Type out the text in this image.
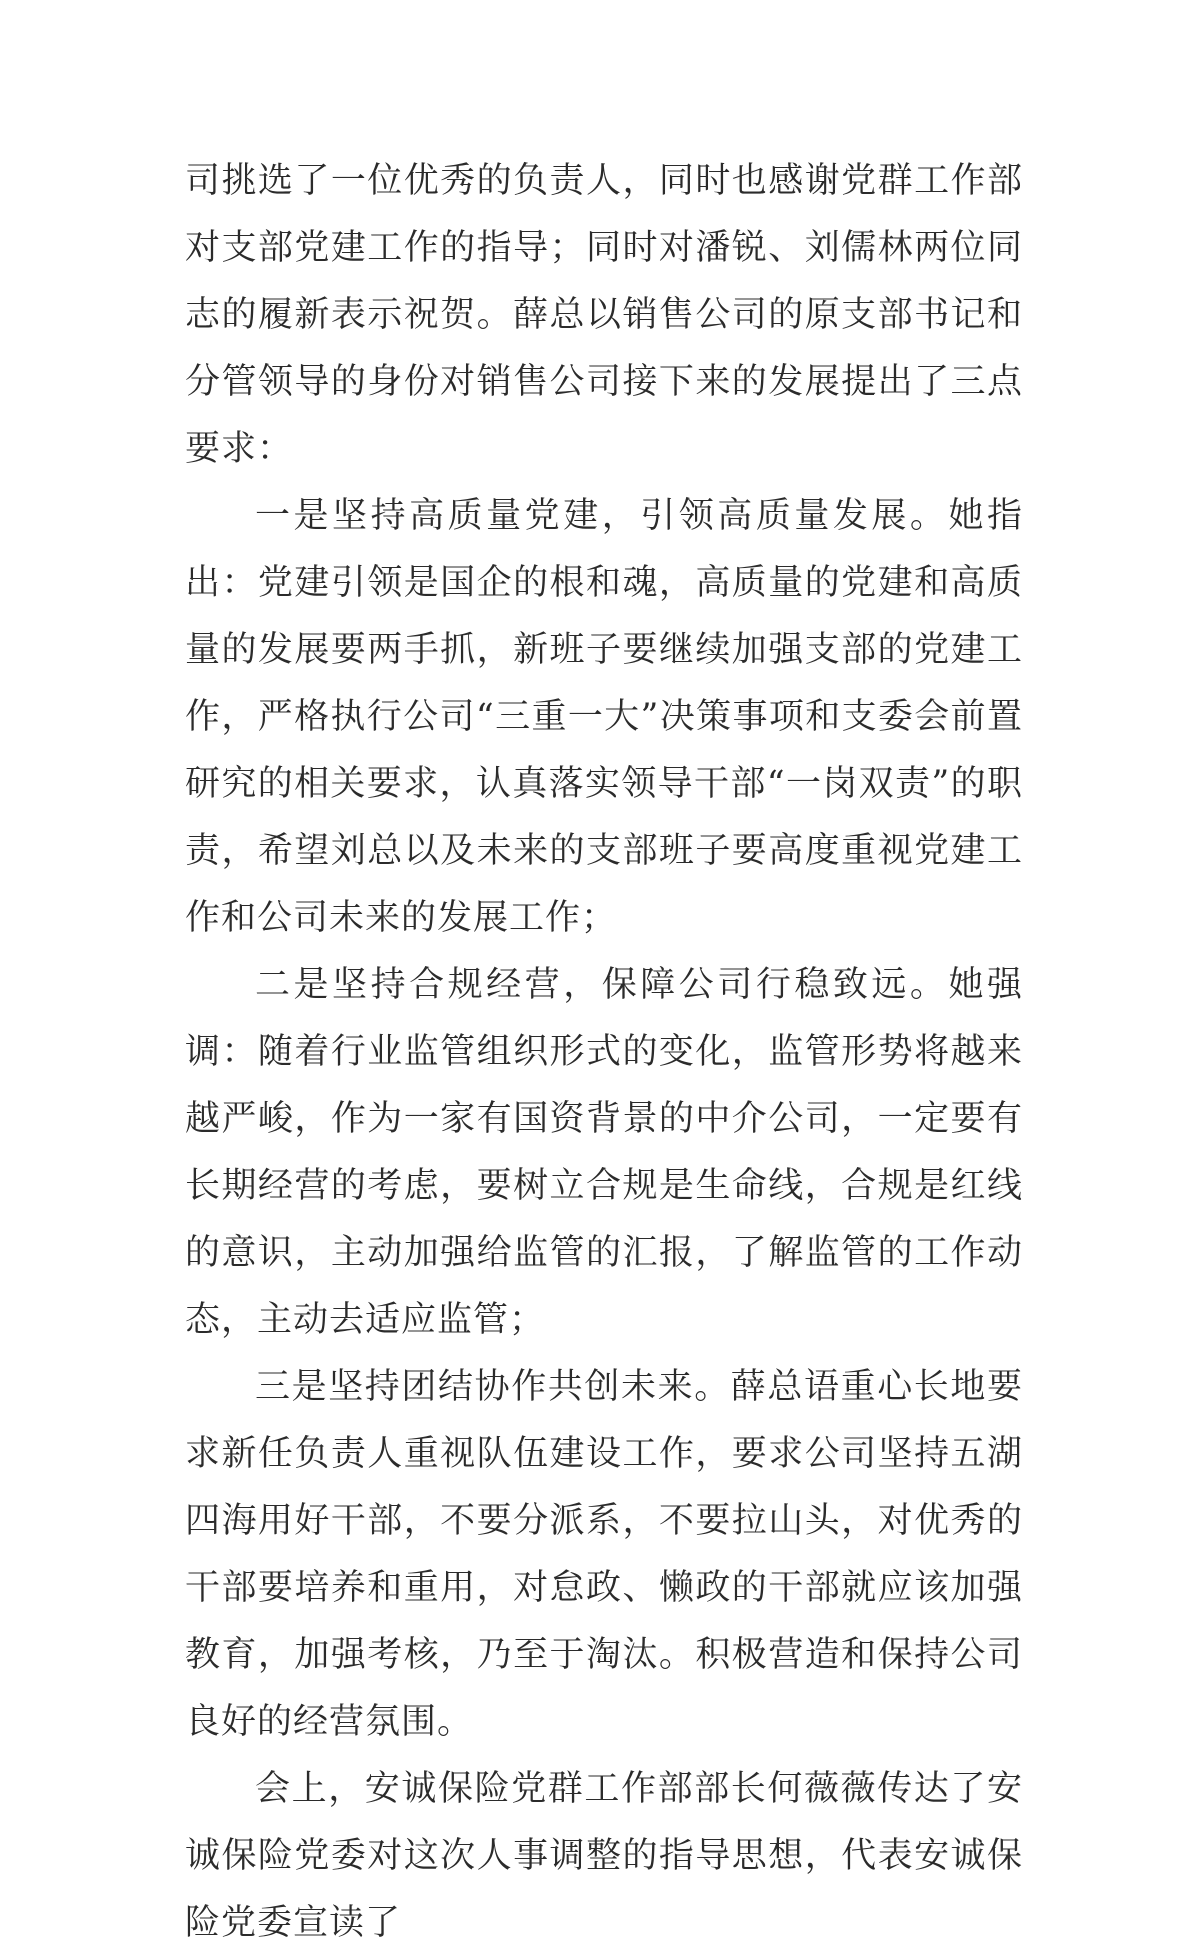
司挑选了一位优秀的负责人，同时也感谢党群工作部对支部党建工作的指导；同时对潘锐、刘儒林两位同志的履新表示祝贺。薛总以销售公司的原支部书记和分管领导的身份对销售公司接下来的发展提出了三点要求：

一是坚持高质量党建，引领高质量发展。她指出：党建引领是国企的根和魂，高质量的党建和高质量的发展要两手抓，新班子要继续加强支部的党建工作，严格执行公司“三重一大”决策事项和支委会前置研究的相关要求，认真落实领导干部“一岗双责”的职责，希望刘总以及未来的支部班子要高度重视党建工作和公司未来的发展工作；

二是坚持合规经营，保障公司行稳致远。她强调：随着行业监管组织形式的变化，监管形势将越来越严峻，作为一家有国资背景的中介公司，一定要有长期经营的考虑，要树立合规是生命线，合规是红线的意识，主动加强给监管的汇报，了解监管的工作动态，主动去适应监管；

三是坚持团结协作共创未来。薛总语重心长地要求新任负责人重视队伍建设工作，要求公司坚持五湖四海用好干部，不要分派系，不要拉山头，对优秀的干部要培养和重用，对怠政、懒政的干部就应该加强教育，加强考核，乃至于淘汰。积极营造和保持公司良好的经营氛围。

会上，安诚保险党群工作部部长何薇薇传达了安诚保险党委对这次人事调整的指导思想，代表安诚保险党委宣读了
